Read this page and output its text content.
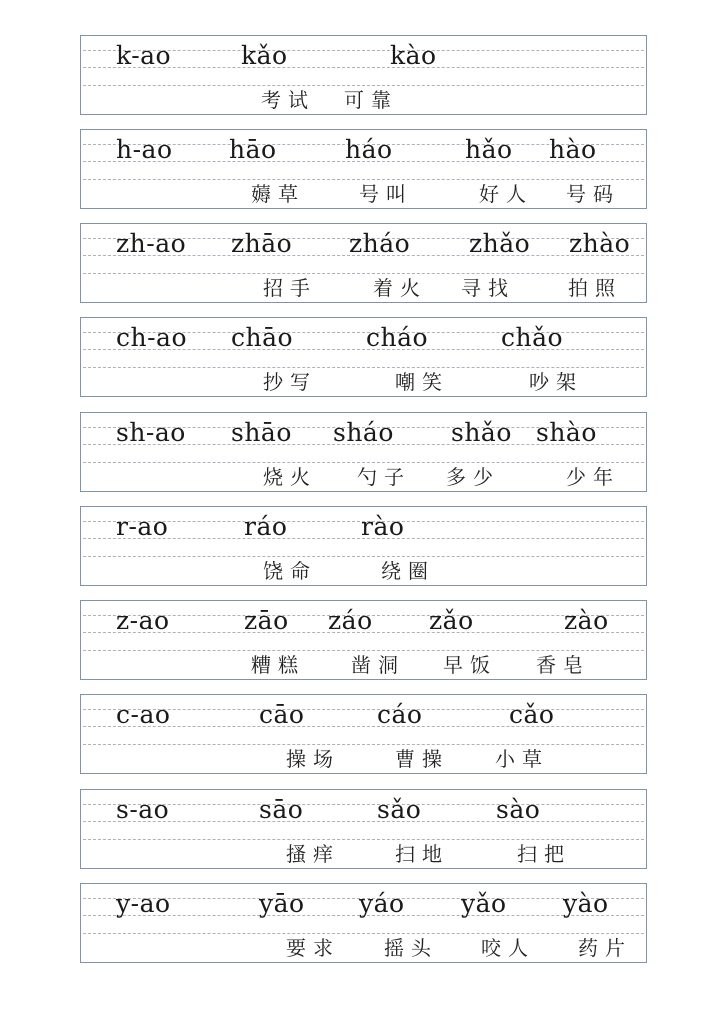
k-ao	kǎo	kào
考试 可靠
h-ao hāo	háo	hǎo hào
薅草	号叫	好人 号码
zh-ao zhāo zháo zhǎo zhào
招手	着火 寻找	拍照
ch-ao chāo	cháo	chǎo
抄写	嘲笑	吵架
sh-ao shāo sháo shǎo shào
烧火 勺子 多少	少年
r-ao	ráo	rào
饶命	绕圈
z-ao	zāo záo zǎo	zào
糟糕 凿洞 早饭 香皂
c-ao	cāo	cáo	cǎo
操场	曹操 小草
s-ao	sāo	sǎo	sào
搔痒	扫地	扫把
y-ao	yāo yáo yǎo yào
要求 摇头 咬人 药片
